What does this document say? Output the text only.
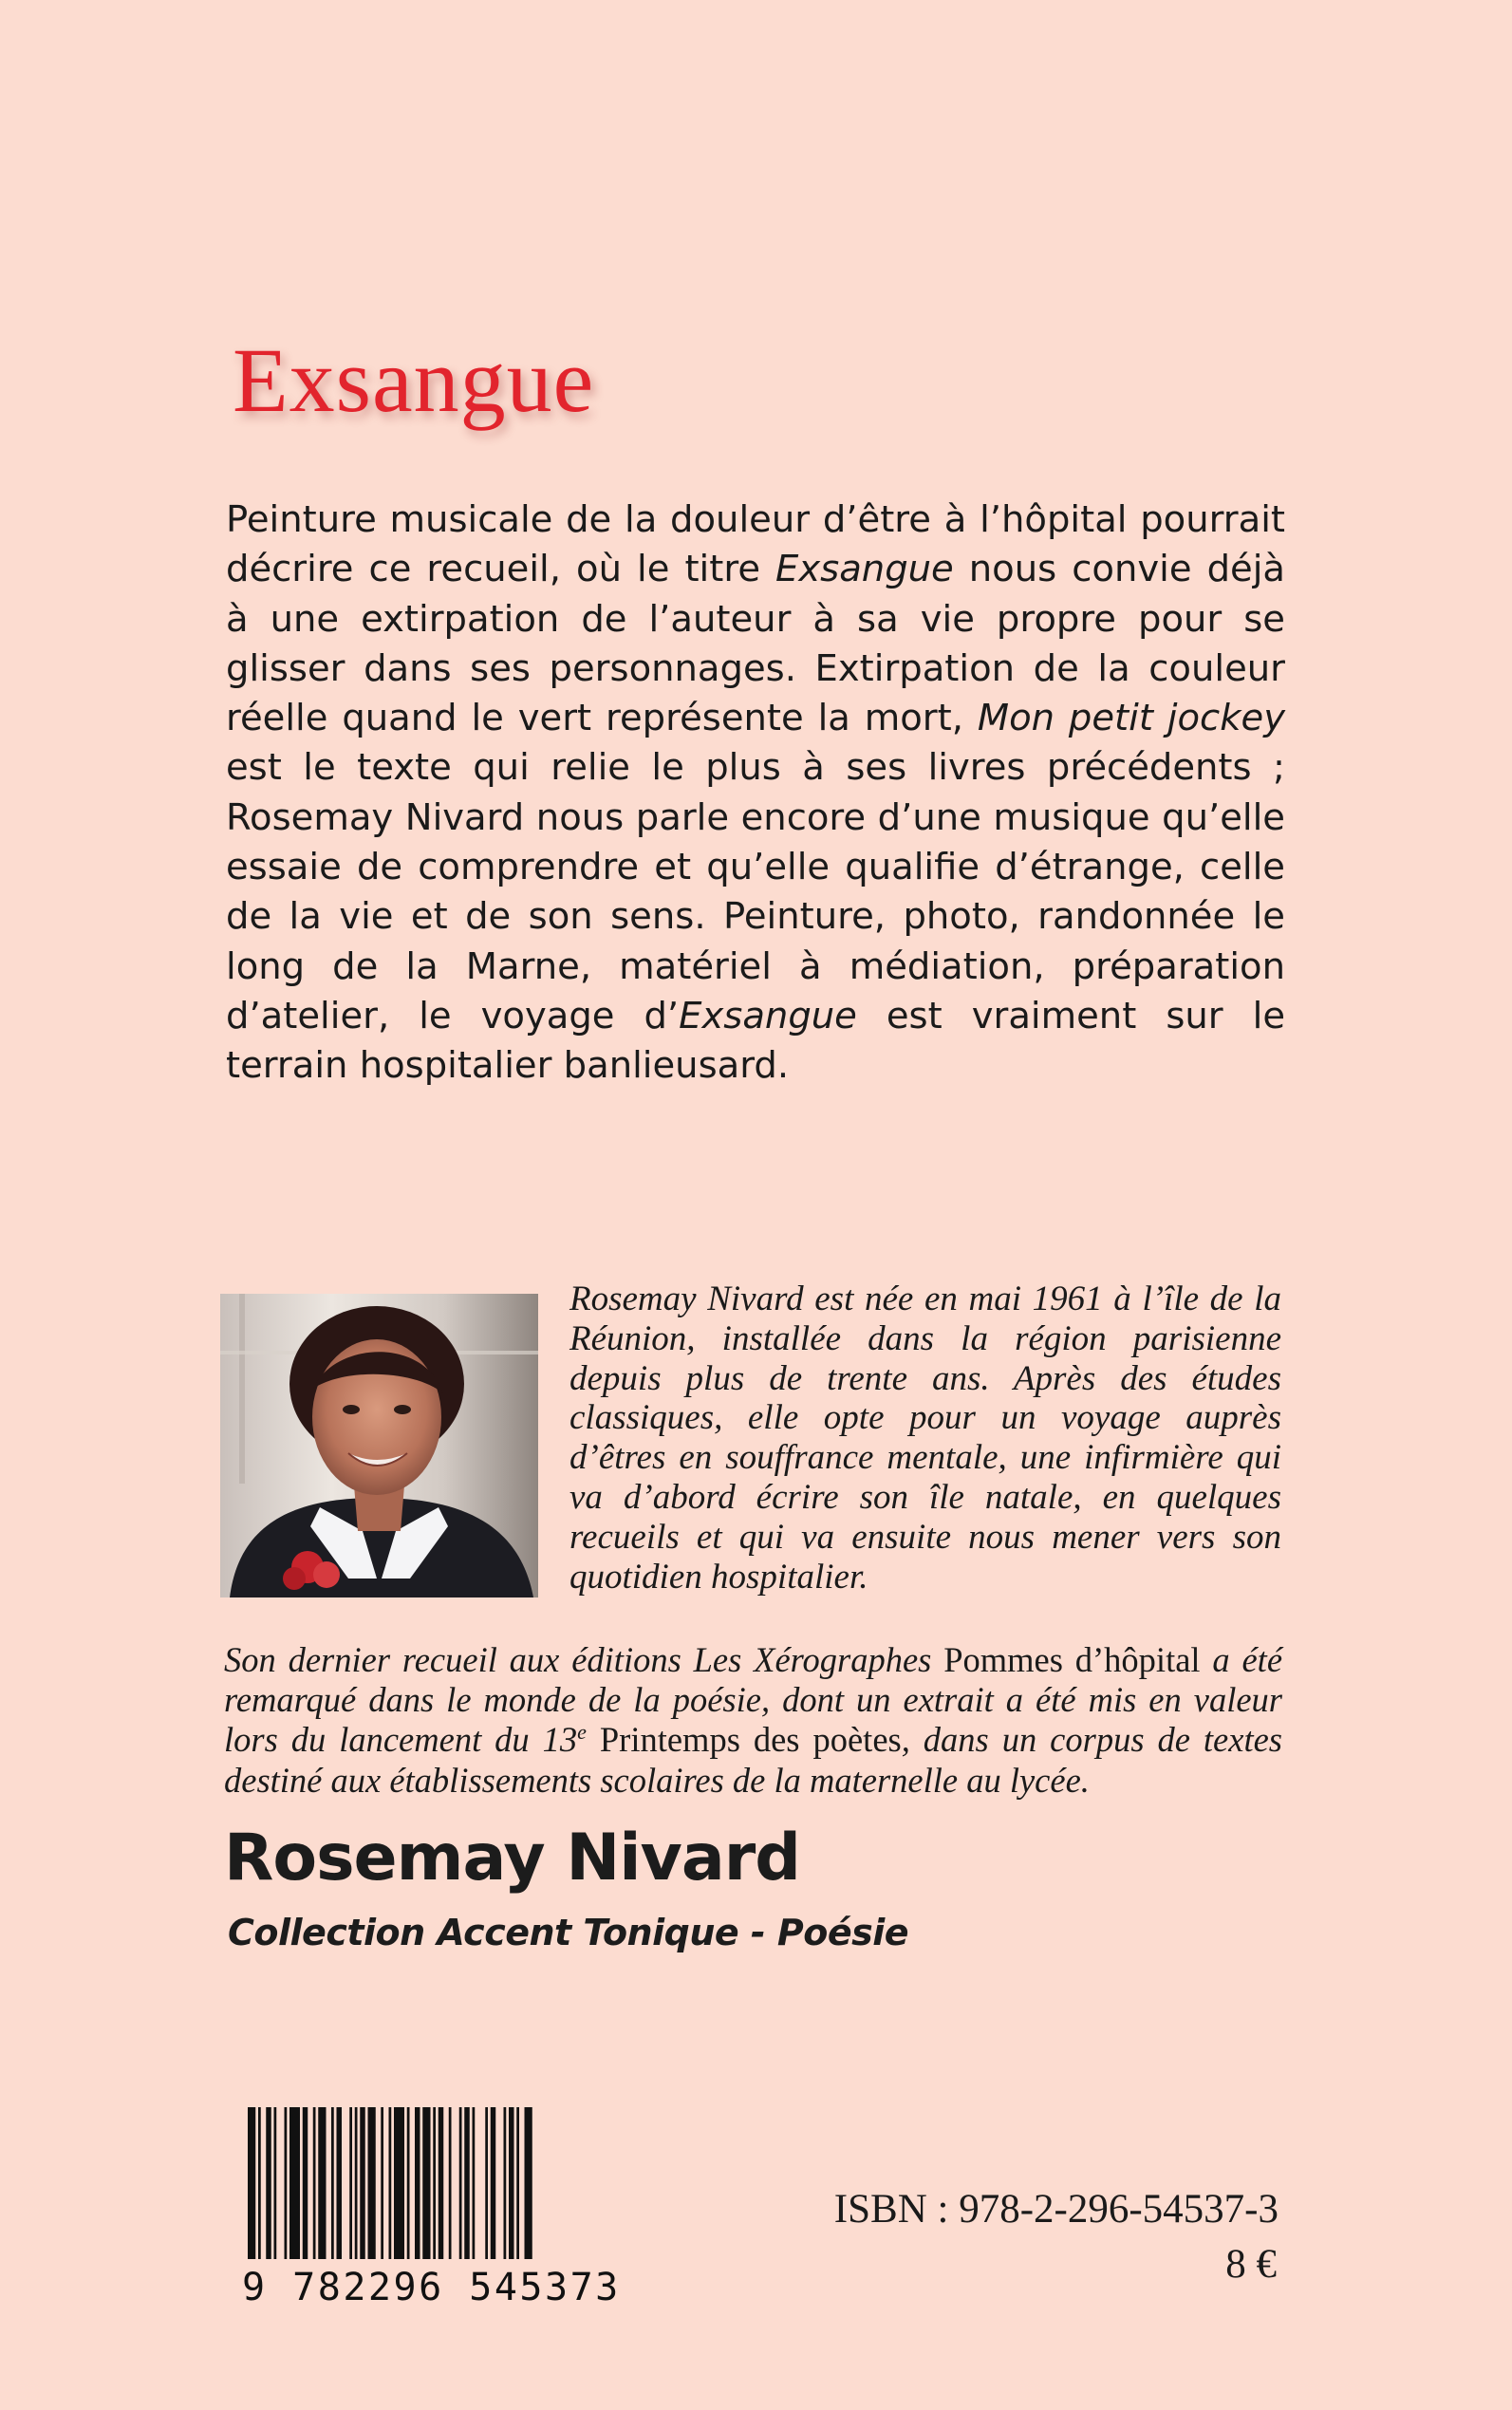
Exsangue
Peinture musicale de la douleur d’être à l’hôpital pourrait décrire ce recueil, où le titre Exsangue nous convie déjà à une extirpation de l’auteur à sa vie propre pour se glisser dans ses personnages. Extirpation de la couleur réelle quand le vert représente la mort, Mon petit jockey est le texte qui relie le plus à ses livres précédents ; Rosemay Nivard nous parle encore d’une musique qu’elle essaie de comprendre et qu’elle qualifie d’étrange, celle de la vie et de son sens. Peinture, photo, randonnée le long de la Marne, matériel à médiation, préparation d’atelier, le voyage d’Exsangue est vraiment sur le terrain hospitalier banlieusard.
Rosemay Nivard est née en mai 1961 à l’île de la Réunion, installée dans la région parisienne depuis plus de trente ans. Après des études classiques, elle opte pour un voyage auprès d’êtres en souffrance mentale, une infirmière qui va d’abord écrire son île natale, en quelques recueils et qui va ensuite nous mener vers son quotidien hospitalier.
Son dernier recueil aux éditions Les Xérographes Pommes d’hôpital a été remarqué dans le monde de la poésie, dont un extrait a été mis en valeur lors du lancement du 13e Printemps des poètes, dans un corpus de textes destiné aux établissements scolaires de la maternelle au lycée.
Rosemay Nivard
Collection Accent Tonique - Poésie
9 782296 545373
ISBN : 978-2-296-54537-3
8 €
